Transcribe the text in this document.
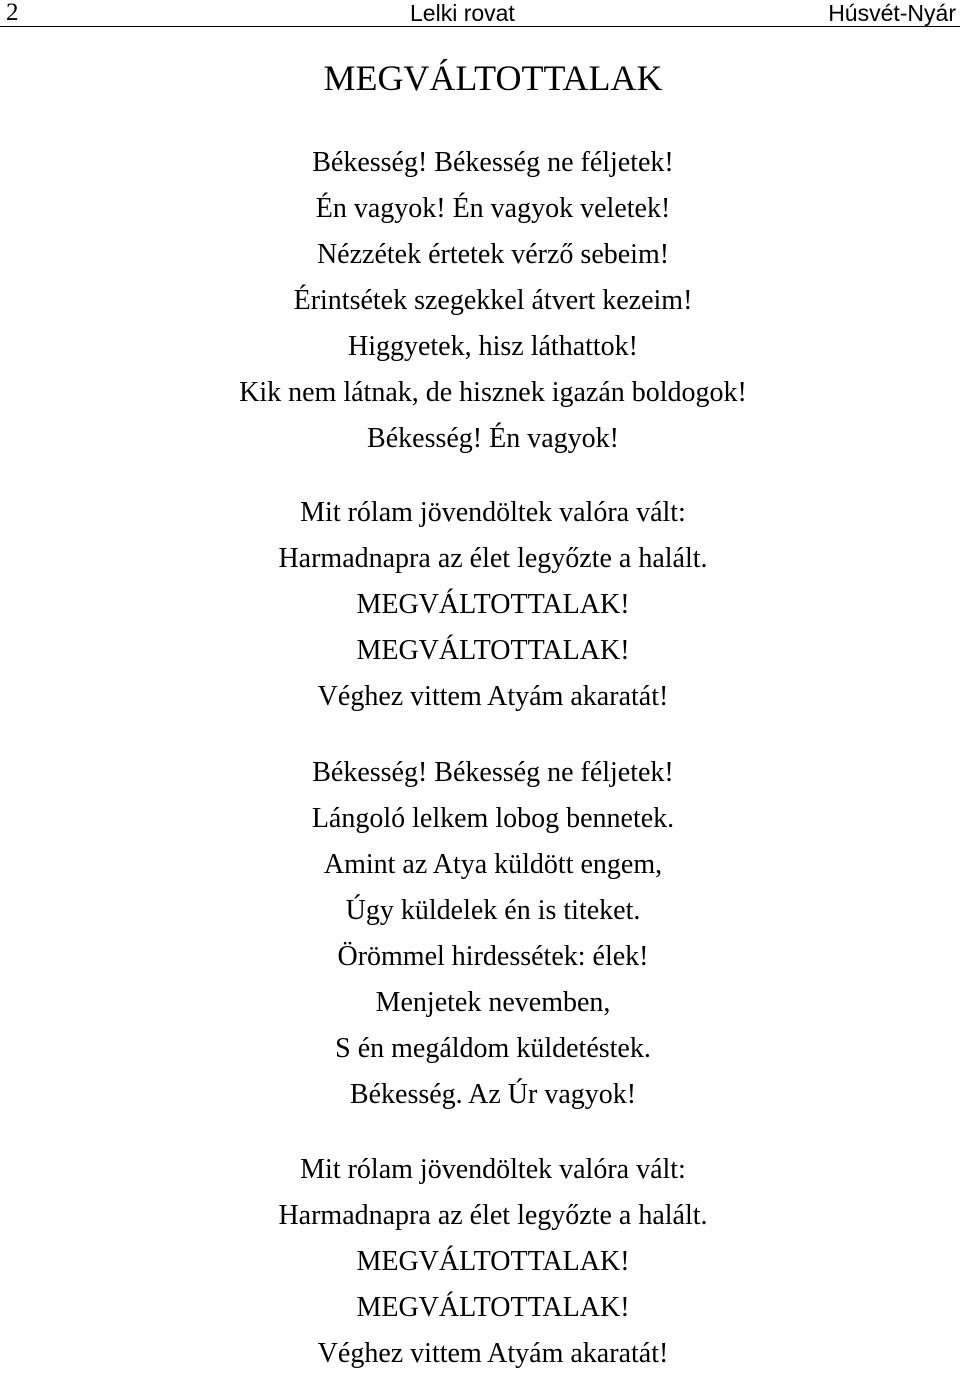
2	Lelki rovat	Húsvét-Nyár
MEGVÁLTOTTALAK
Békesség! Békesség ne féljetek!
Én vagyok! Én vagyok veletek!
Nézzétek értetek vérző sebeim!
Érintsétek szegekkel átvert kezeim!
Higgyetek, hisz láthattok!
Kik nem látnak, de hisznek igazán boldogok!
Békesség! Én vagyok!
Mit rólam jövendöltek valóra vált:
Harmadnapra az élet legyőzte a halált.
MEGVÁLTOTTALAK!
MEGVÁLTOTTALAK!
Véghez vittem Atyám akaratát!
Békesség! Békesség ne féljetek!
Lángoló lelkem lobog bennetek.
Amint az Atya küldött engem,
Úgy küldelek én is titeket.
Örömmel hirdessétek: élek!
Menjetek nevemben,
S én megáldom küldetéstek.
Békesség. Az Úr vagyok!
Mit rólam jövendöltek valóra vált:
Harmadnapra az élet legyőzte a halált.
MEGVÁLTOTTALAK!
MEGVÁLTOTTALAK!
Véghez vittem Atyám akaratát!
